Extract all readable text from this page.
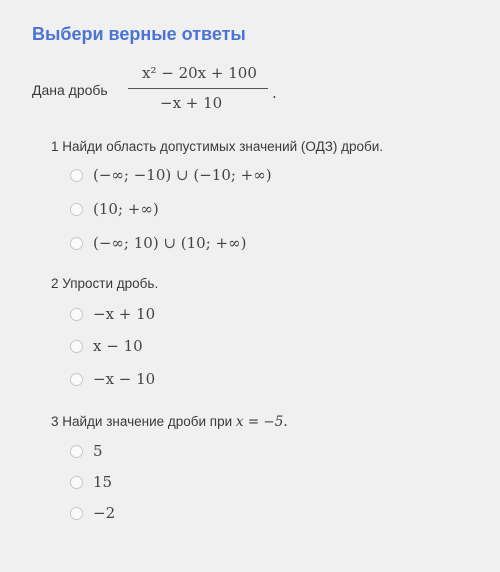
Выбери верные ответы
Дана дробь
x² − 20x + 100
−x + 10
.
1 Найди область допустимых значений (ОДЗ) дроби.
(−∞; −10) ∪ (−10; +∞)
(10; +∞)
(−∞; 10) ∪ (10; +∞)
2 Упрости дробь.
−x + 10
x − 10
−x − 10
3 Найди значение дроби при x = −5.
5
15
−2
